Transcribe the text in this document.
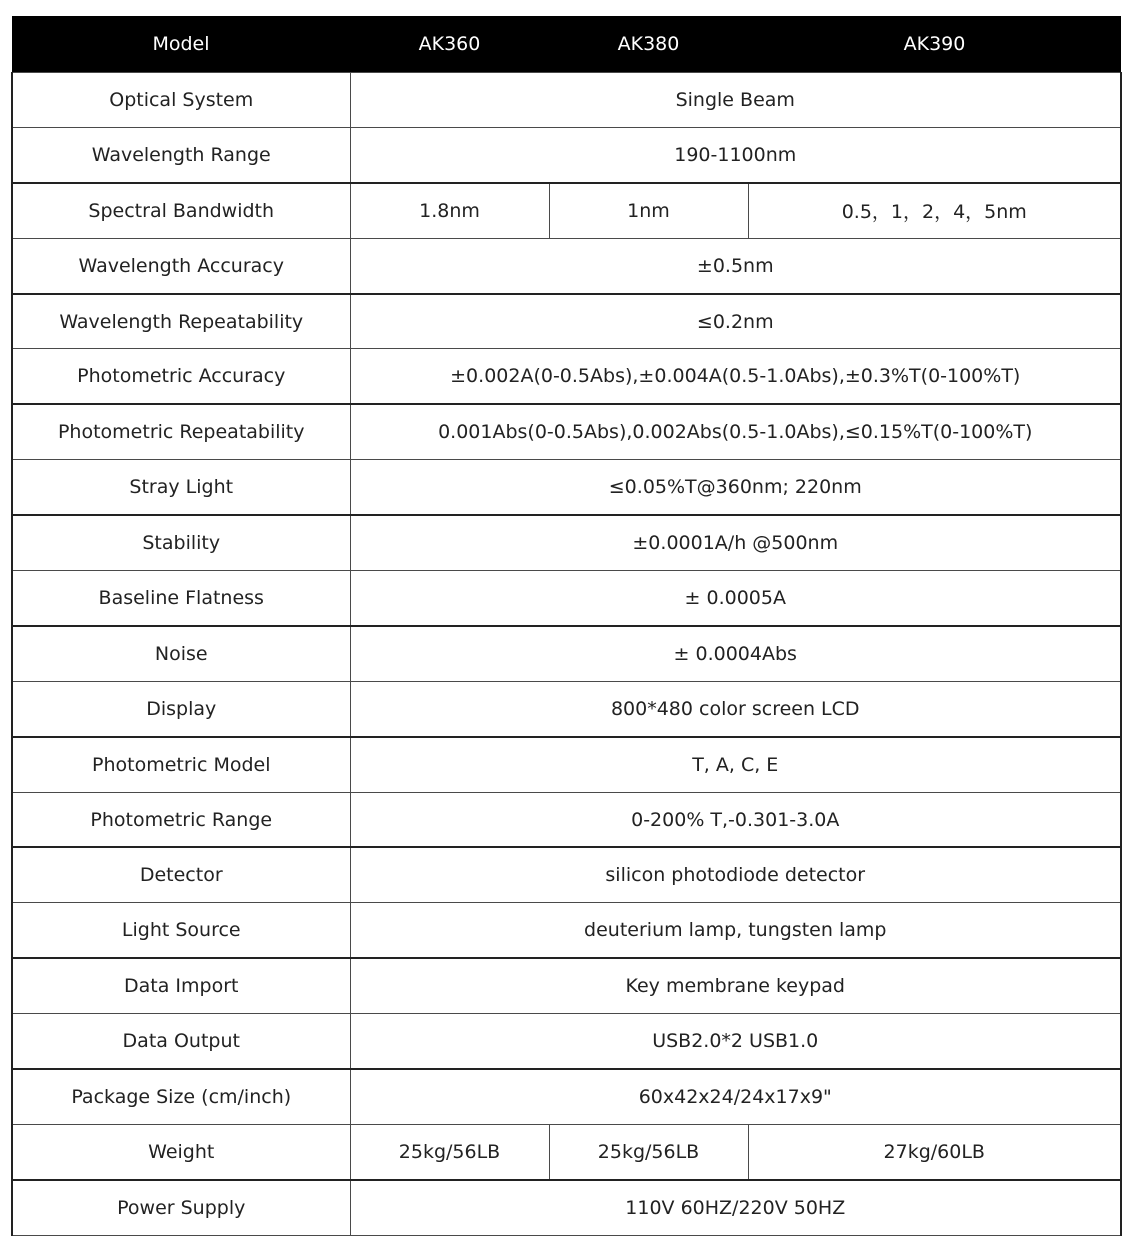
Model	AK360	AK380	AK390
Optical System	Single Beam		
Wavelength Range	190-1100nm		
Spectral Bandwidth	1.8nm	1nm	0.5，1，2，4，5nm
Wavelength Accuracy	±0.5nm		
Wavelength Repeatability	≤0.2nm		
Photometric Accuracy	±0.002A(0-0.5Abs),±0.004A(0.5-1.0Abs),±0.3%T(0-100%T)		
Photometric Repeatability	0.001Abs(0-0.5Abs),0.002Abs(0.5-1.0Abs),≤0.15%T(0-100%T)		
Stray Light	≤0.05%T@360nm; 220nm		
Stability	±0.0001A/h @500nm		
Baseline Flatness	± 0.0005A		
Noise	± 0.0004Abs		
Display	800*480 color screen LCD		
Photometric Model	T, A, C, E		
Photometric Range	0-200% T,-0.301-3.0A		
Detector	silicon photodiode detector		
Light Source	deuterium lamp, tungsten lamp		
Data Import	Key membrane keypad		
Data Output	USB2.0*2 USB1.0		
Package Size (cm/inch)	60x42x24/24x17x9"		
Weight	25kg/56LB	25kg/56LB	27kg/60LB
Power Supply	110V 60HZ/220V 50HZ		
